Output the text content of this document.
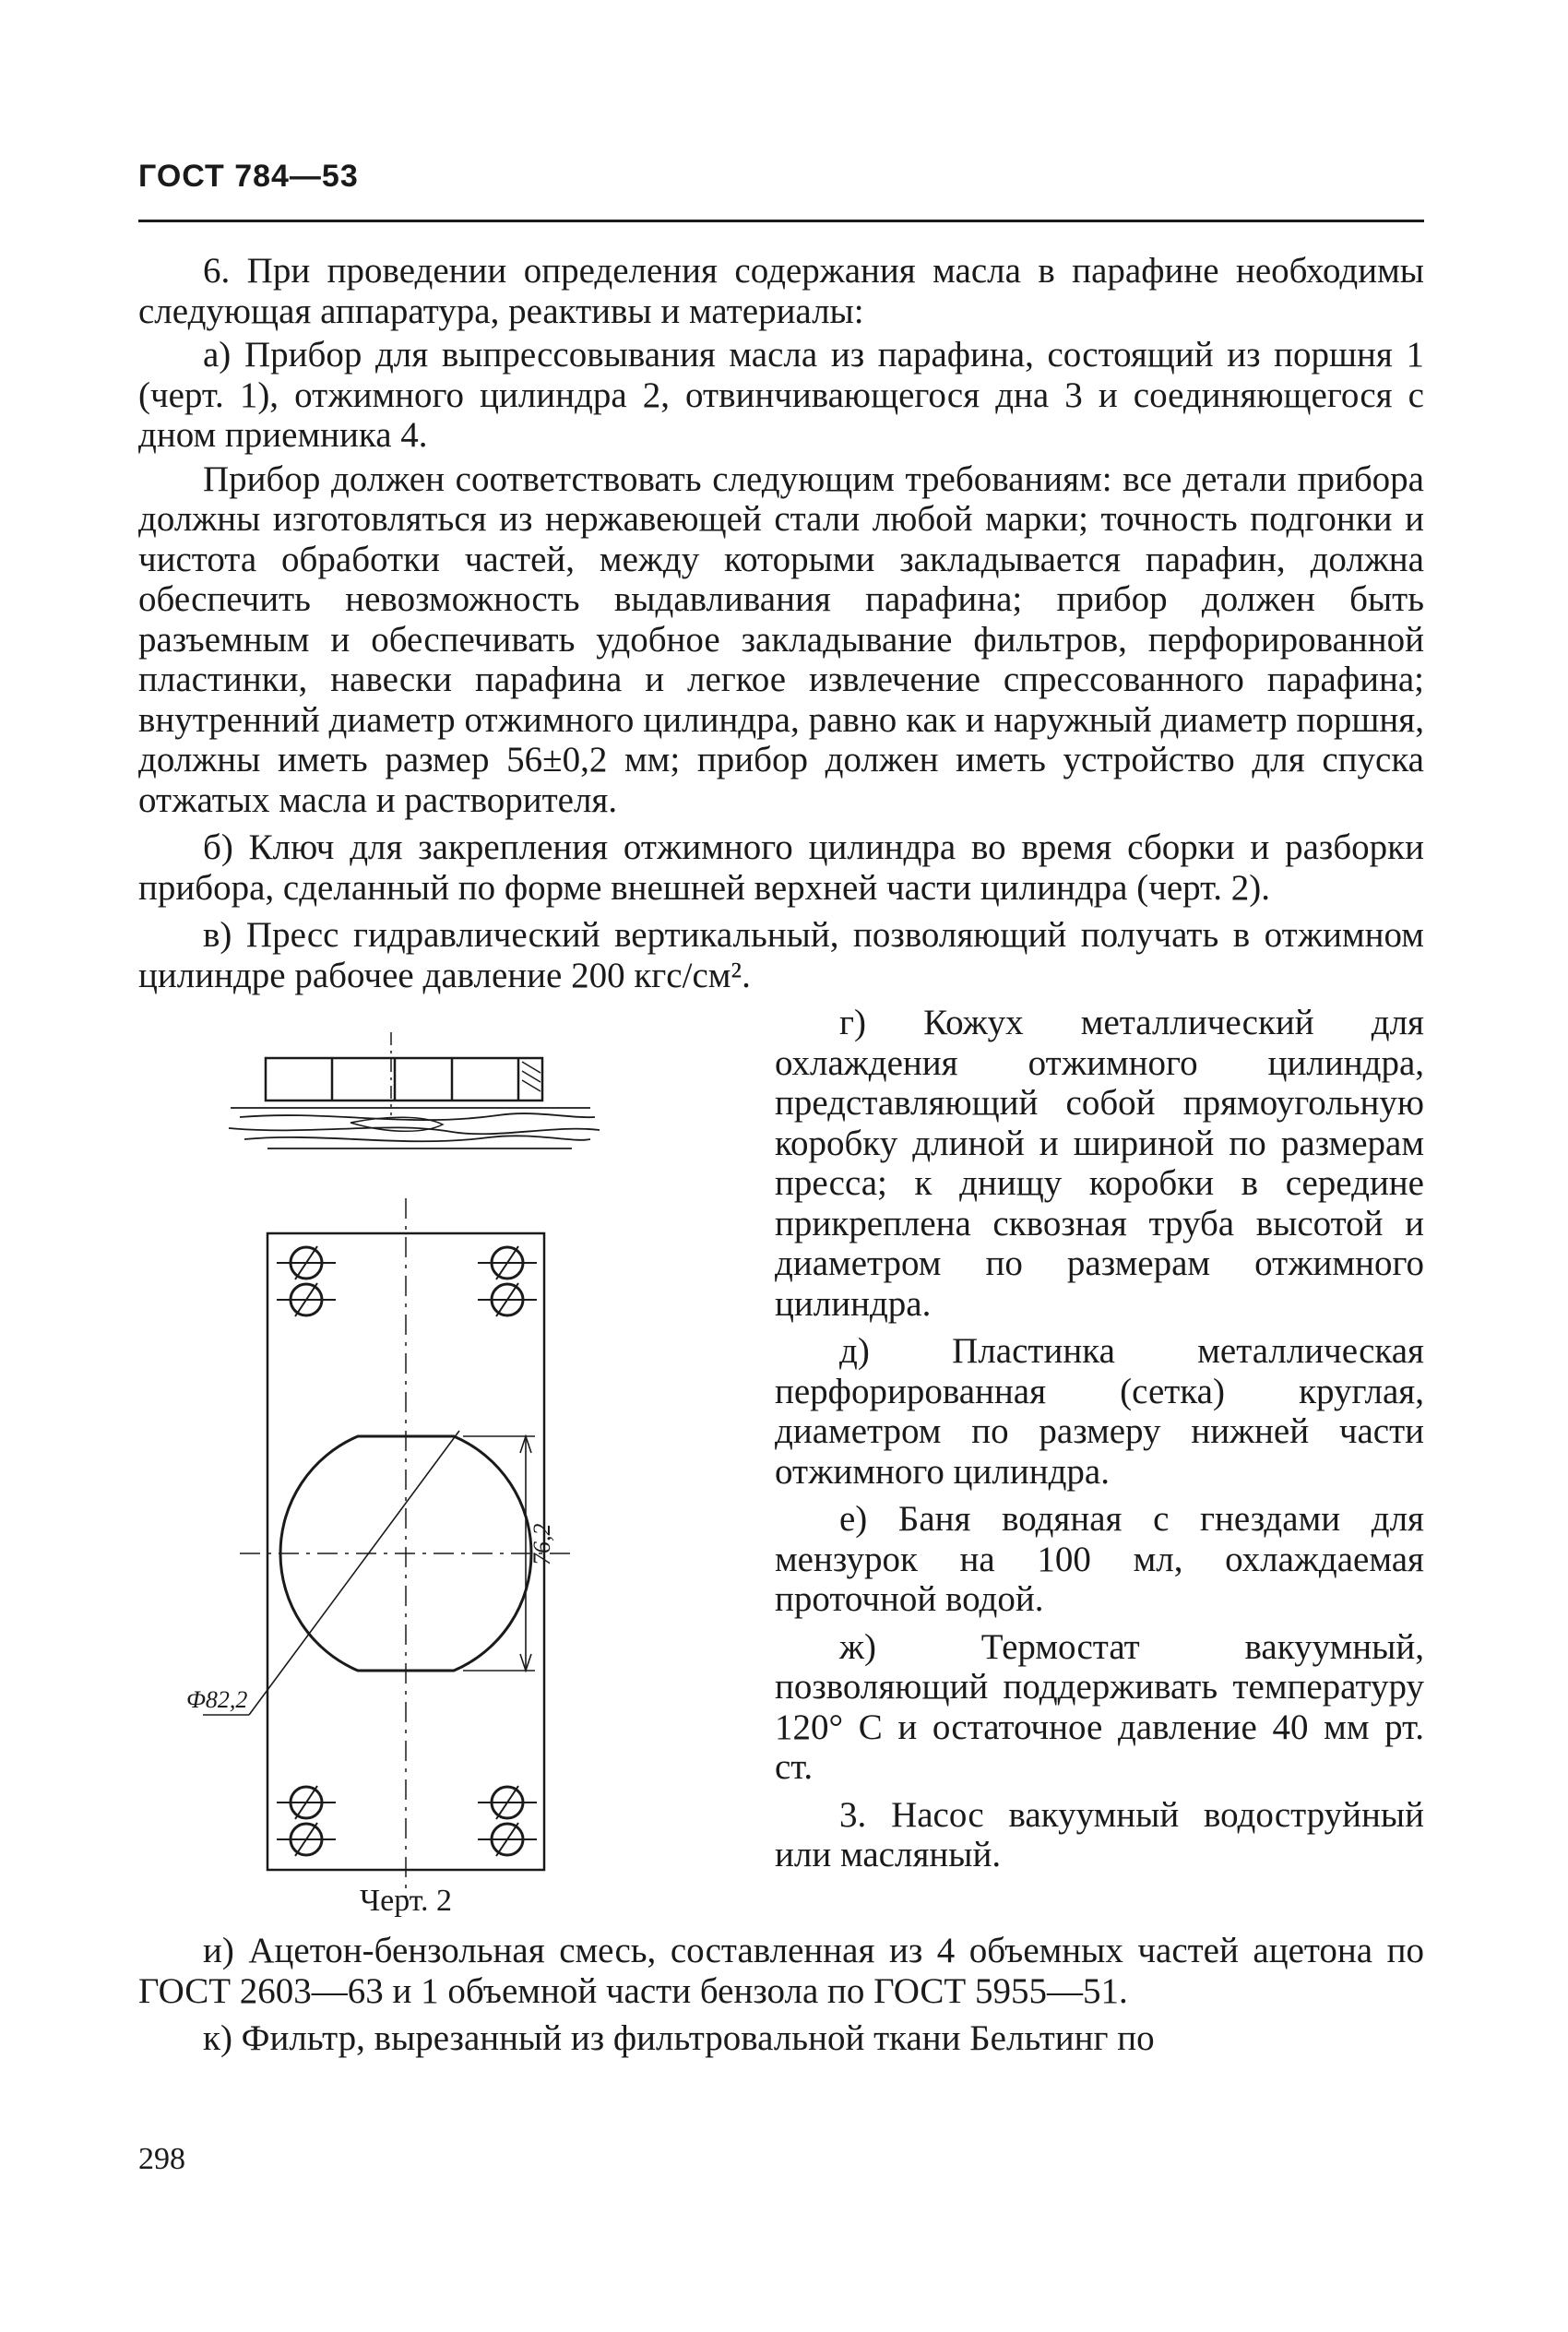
ГОСТ 784—53

6. При проведении определения содержания масла в парафине необходимы следующая аппаратура, реактивы и материалы:

а) Прибор для выпрессовывания масла из парафина, состоящий из поршня 1 (черт. 1), отжимного цилиндра 2, отвинчивающегося дна 3 и соединяющегося с дном приемника 4.

Прибор должен соответствовать следующим требованиям: все детали прибора должны изготовляться из нержавеющей стали любой марки; точность подгонки и чистота обработки частей, между которыми закладывается парафин, должна обеспечить невозможность выдавливания парафина; прибор должен быть разъемным и обеспечивать удобное закладывание фильтров, перфорированной пластинки, навески парафина и легкое извлечение спрессованного парафина; внутренний диаметр отжимного цилиндра, равно как и наружный диаметр поршня, должны иметь размер 56±0,2 мм; прибор должен иметь устройство для спуска отжатых масла и растворителя.

б) Ключ для закрепления отжимного цилиндра во время сборки и разборки прибора, сделанный по форме внешней верхней части цилиндра (черт. 2).

в) Пресс гидравлический вертикальный, позволяющий получать в отжимном цилиндре рабочее давление 200 кгс/см².

Ф82,2
76,2
Черт. 2

г) Кожух металлический для охлаждения отжимного цилиндра, представляющий собой прямоугольную коробку длиной и шириной по размерам пресса; к днищу коробки в середине прикреплена сквозная труба высотой и диаметром по размерам отжимного цилиндра.

д) Пластинка металлическая перфорированная (сетка) круглая, диаметром по размеру нижней части отжимного цилиндра.

е) Баня водяная с гнездами для мензурок на 100 мл, охлаждаемая проточной водой.

ж) Термостат вакуумный, позволяющий поддерживать температуру 120° С и остаточное давление 40 мм рт. ст.

3. Насос вакуумный водоструйный или масляный.

и) Ацетон-бензольная смесь, составленная из 4 объемных частей ацетона по ГОСТ 2603—63 и 1 объемной части бензола по ГОСТ 5955—51.

к) Фильтр, вырезанный из фильтровальной ткани Бельтинг по

298
